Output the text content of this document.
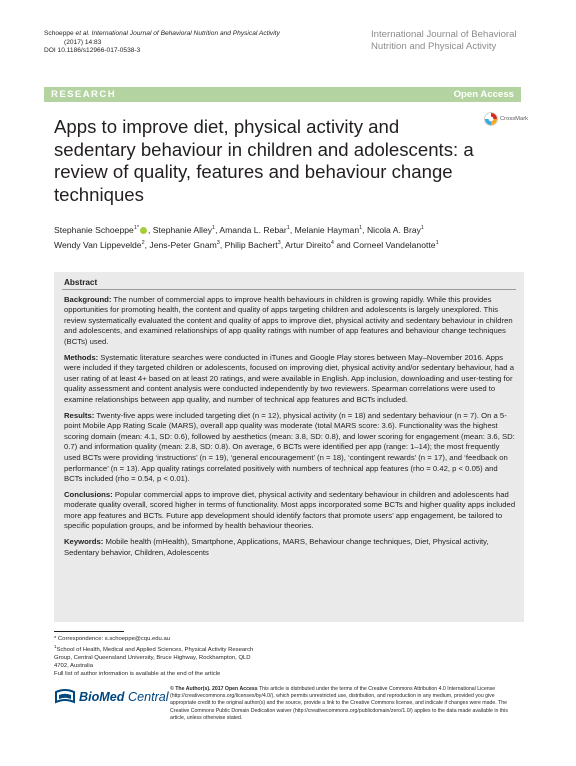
Schoeppe et al. International Journal of Behavioral Nutrition and Physical Activity
(2017) 14:83
DOI 10.1186/s12966-017-0538-3
International Journal of Behavioral
Nutrition and Physical Activity
RESEARCH	Open Access
Apps to improve diet, physical activity and sedentary behaviour in children and adolescents: a review of quality, features and behaviour change techniques
CrossMark
Stephanie Schoeppe$^{1*}$ , Stephanie Alley$^1$, Amanda L. Rebar$^1$, Melanie Hayman$^1$, Nicola A. Bray$^1$
Wendy Van Lippevelde$^2$, Jens-Peter Gnam$^3$, Philip Bachert$^3$, Artur Direito$^4$ and Corneel Vandelanotte$^1$
Abstract

Background: The number of commercial apps to improve health behaviours in children is growing rapidly. While this provides opportunities for promoting health, the content and quality of apps targeting children and adolescents is largely unexplored. This review systematically evaluated the content and quality of apps to improve diet, physical activity and sedentary behaviour in children and adolescents, and examined relationships of app quality ratings with number of app features and behaviour change techniques (BCTs) used.

Methods: Systematic literature searches were conducted in iTunes and Google Play stores between May–November 2016. Apps were included if they targeted children or adolescents, focused on improving diet, physical activity and/or sedentary behaviour, had a user rating of at least 4+ based on at least 20 ratings, and were available in English. App inclusion, downloading and user-testing for quality assessment and content analysis were conducted independently by two reviewers. Spearman correlations were used to examine relationships between app quality, and number of technical app features and BCTs included.

Results: Twenty-five apps were included targeting diet (n = 12), physical activity (n = 18) and sedentary behaviour (n = 7). On a 5-point Mobile App Rating Scale (MARS), overall app quality was moderate (total MARS score: 3.6). Functionality was the highest scoring domain (mean: 4.1, SD: 0.6), followed by aesthetics (mean: 3.8, SD: 0.8), and lower scoring for engagement (mean: 3.6, SD: 0.7) and information quality (mean: 2.8, SD: 0.8). On average, 6 BCTs were identified per app (range: 1–14); the most frequently used BCTs were providing ‘instructions’ (n = 19), ‘general encouragement’ (n = 18), ‘contingent rewards’ (n = 17), and ‘feedback on performance’ (n = 13). App quality ratings correlated positively with numbers of technical app features (rho = 0.42, p < 0.05) and BCTs included (rho = 0.54, p < 0.01).

Conclusions: Popular commercial apps to improve diet, physical activity and sedentary behaviour in children and adolescents had moderate quality overall, scored higher in terms of functionality. Most apps incorporated some BCTs and higher quality apps included more app features and BCTs. Future app development should identify factors that promote users’ app engagement, be tailored to specific population groups, and be informed by health behaviour theories.

Keywords: Mobile health (mHealth), Smartphone, Applications, MARS, Behaviour change techniques, Diet, Physical activity, Sedentary behavior, Children, Adolescents

* Correspondence: s.schoeppe@cqu.edu.au
$^1$School of Health, Medical and Applied Sciences, Physical Activity Research
Group, Central Queensland University, Bruce Highway, Rockhampton, QLD
4702, Australia
Full list of author information is available at the end of the article
BioMed Central
© The Author(s). 2017 Open Access This article is distributed under the terms of the Creative Commons Attribution 4.0 International License (http://creativecommons.org/licenses/by/4.0/), which permits unrestricted use, distribution, and reproduction in any medium, provided you give appropriate credit to the original author(s) and the source, provide a link to the Creative Commons license, and indicate if changes were made. The Creative Commons Public Domain Dedication waiver (http://creativecommons.org/publicdomain/zero/1.0/) applies to the data made available in this article, unless otherwise stated.
